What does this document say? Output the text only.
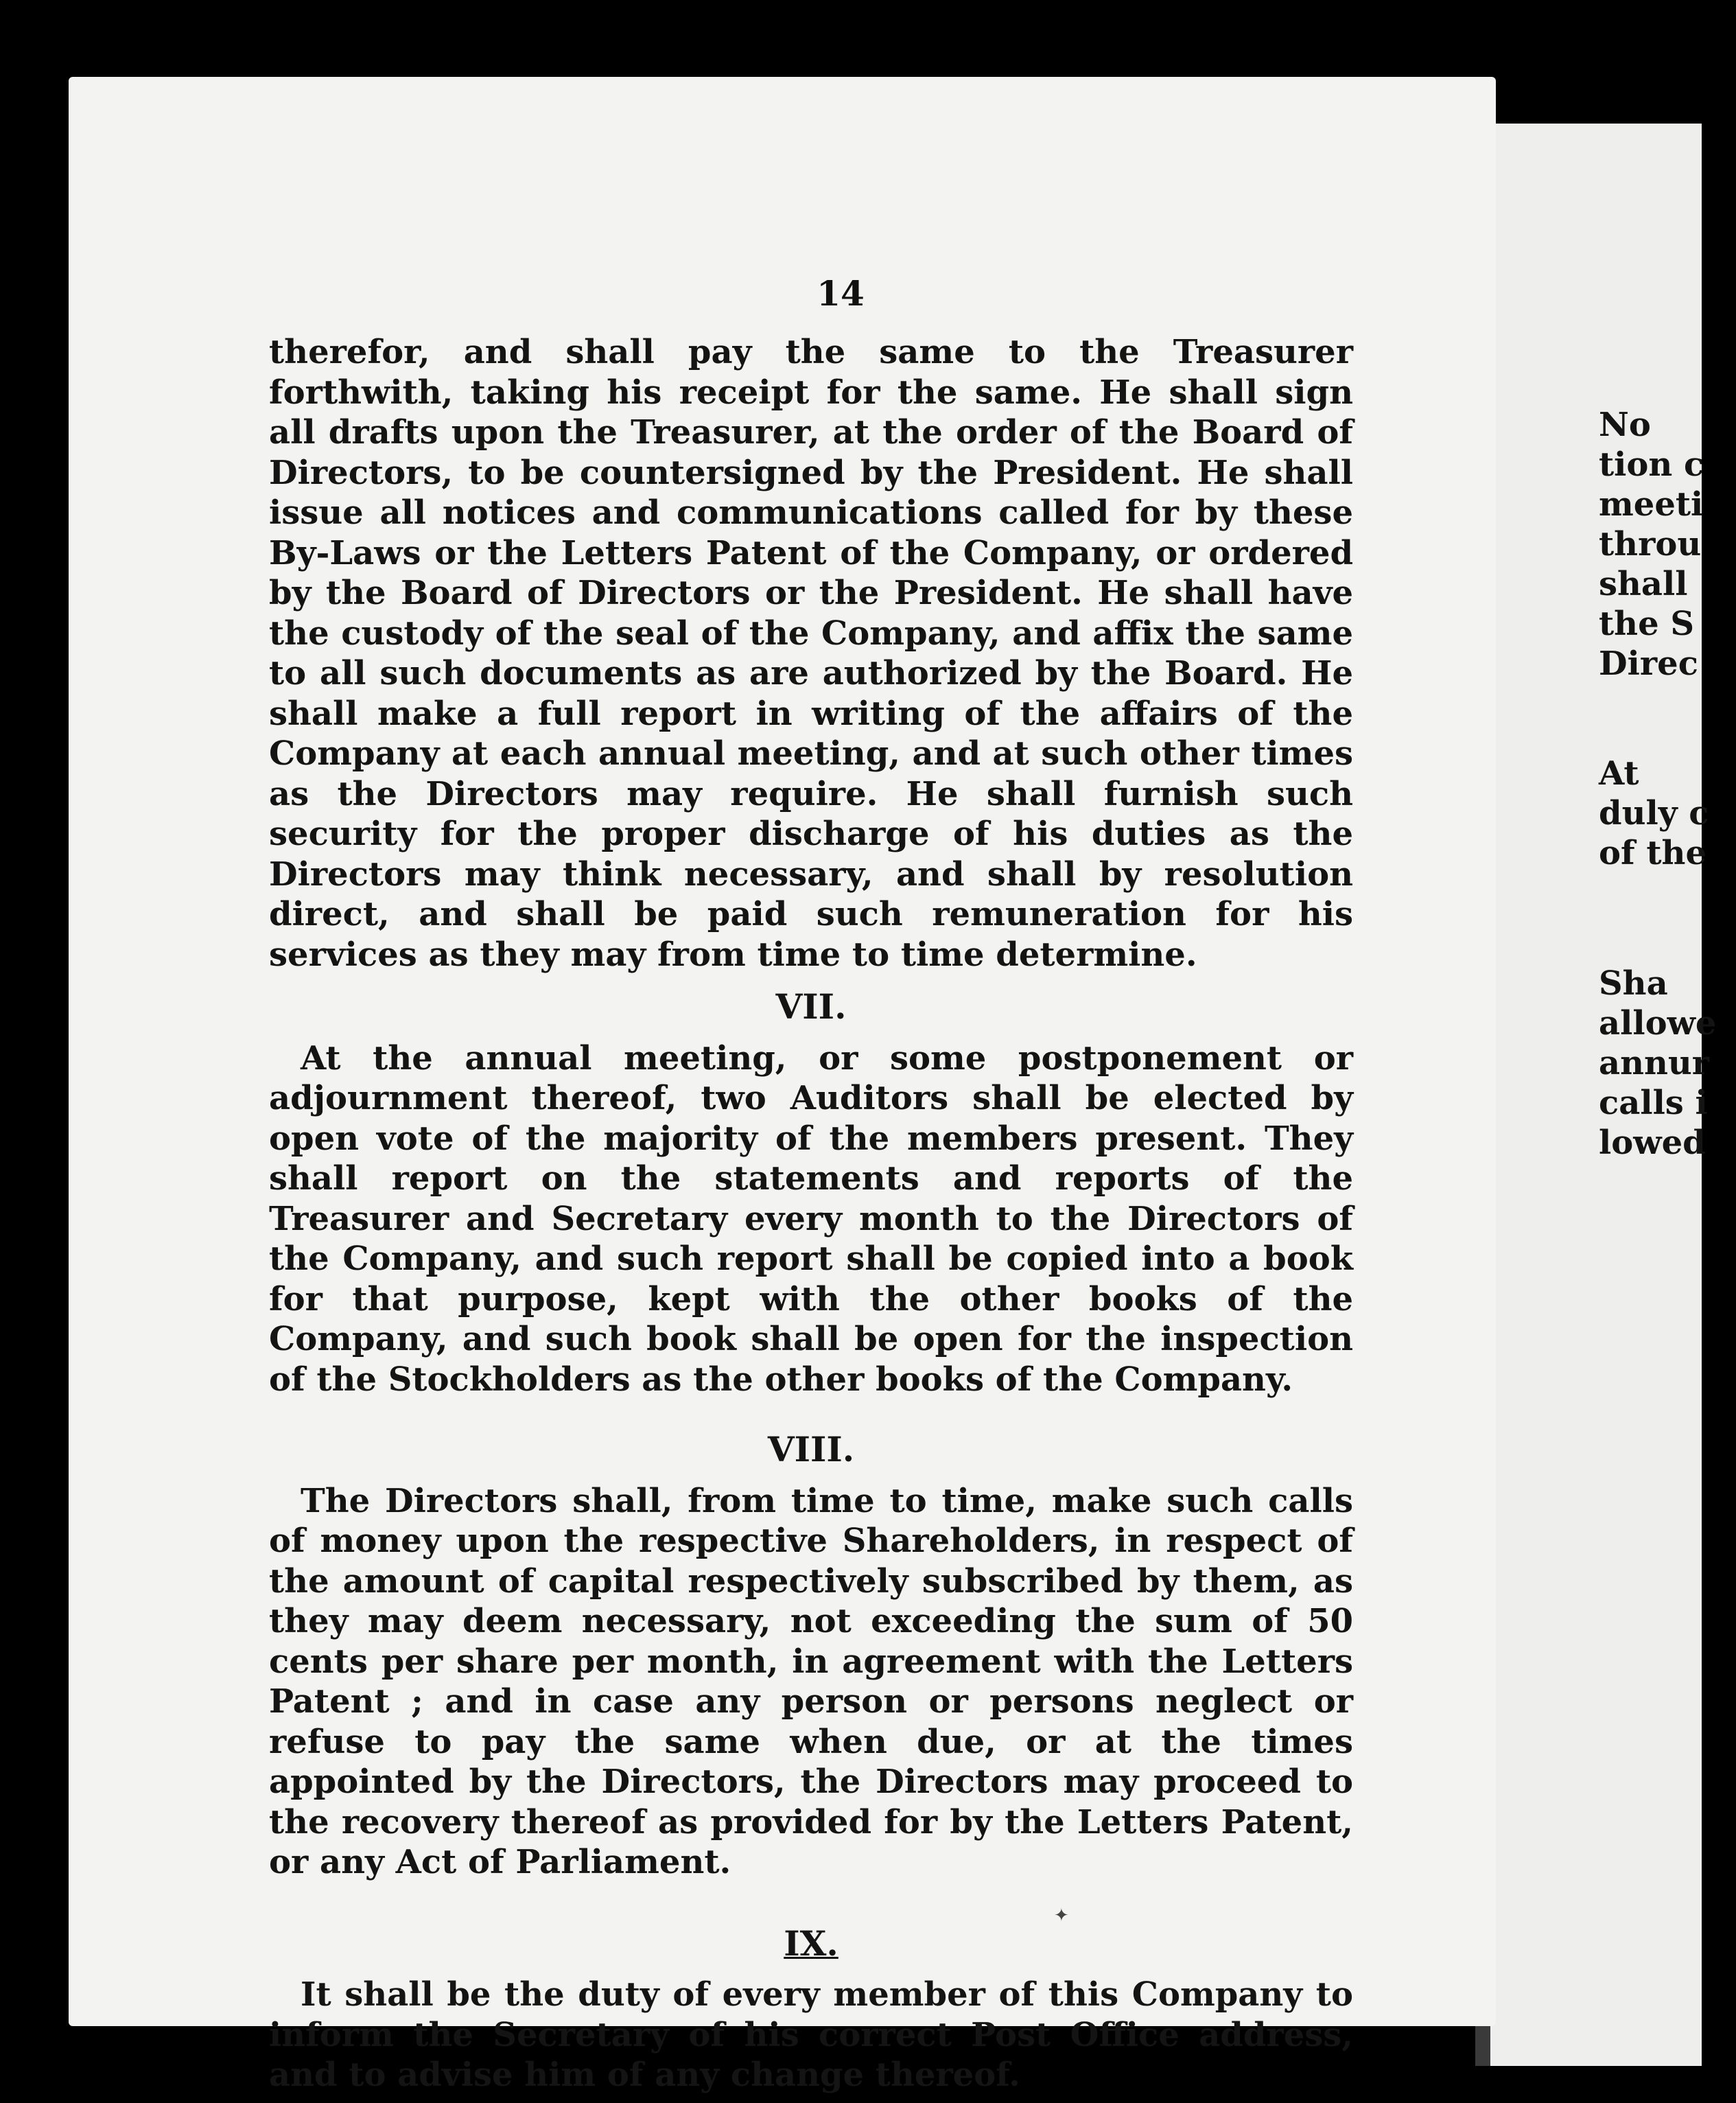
14

therefor, and shall pay the same to the Treasurer forthwith, taking his receipt for the same. He shall sign all drafts upon the Treasurer, at the order of the Board of Directors, to be countersigned by the President. He shall issue all notices and communications called for by these By-Laws or the Letters Patent of the Company, or ordered by the Board of Directors or the President. He shall have the custody of the seal of the Company, and affix the same to all such documents as are authorized by the Board. He shall make a full report in writing of the affairs of the Company at each annual meeting, and at such other times as the Directors may require. He shall furnish such security for the proper discharge of his duties as the Directors may think necessary, and shall by resolution direct, and shall be paid such remuneration for his services as they may from time to time determine.

VII.

At the annual meeting, or some postponement or adjournment thereof, two Auditors shall be elected by open vote of the majority of the members present. They shall report on the statements and reports of the Treasurer and Secretary every month to the Directors of the Company, and such report shall be copied into a book for that purpose, kept with the other books of the Company, and such book shall be open for the inspection of the Stockholders as the other books of the Company.

VIII.

The Directors shall, from time to time, make such calls of money upon the respective Shareholders, in respect of the amount of capital respectively subscribed by them, as they may deem necessary, not exceeding the sum of 50 cents per share per month, in agreement with the Letters Patent ; and in case any person or persons neglect or refuse to pay the same when due, or at the times appointed by the Directors, the Directors may proceed to the recovery thereof as provided for by the Letters Patent, or any Act of Parliament.

IX.

It shall be the duty of every member of this Company to inform the Secretary of his correct Post Office address, and to advise him of any change thereof.

✦
No
tion c
meeti
throu
shall
the S
Direc
At
duly c
of the
Sha
allowe
annur
calls i
lowed
